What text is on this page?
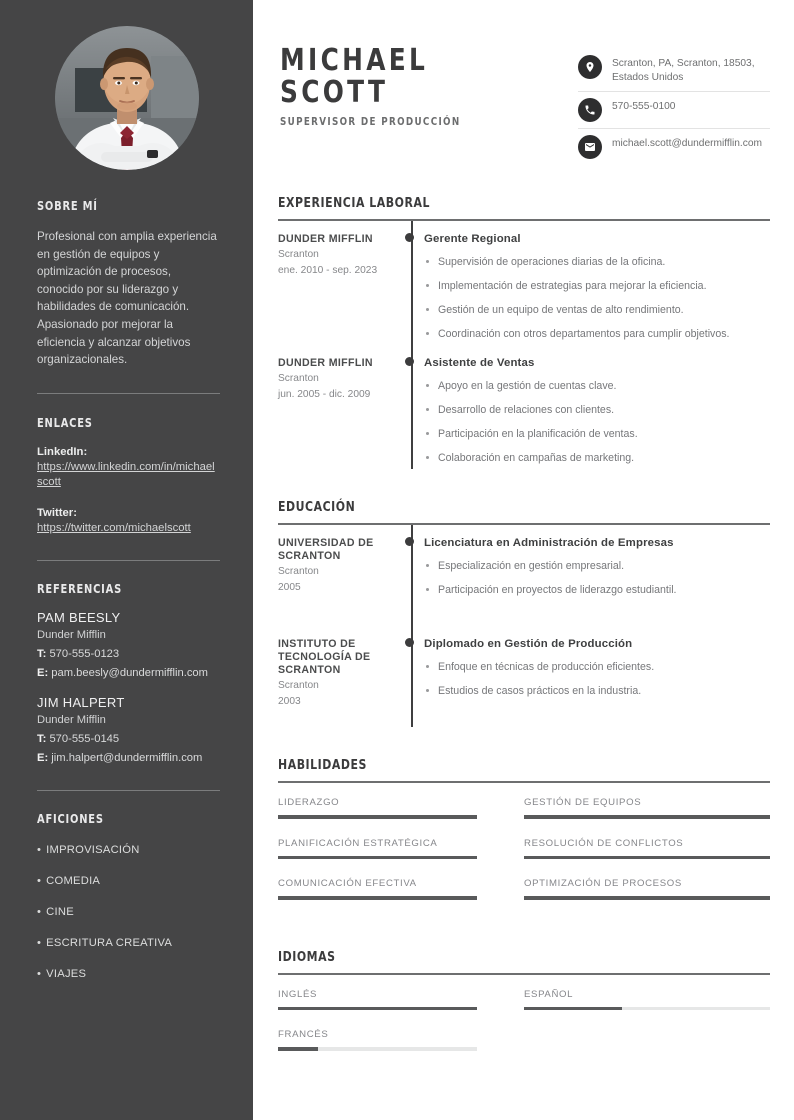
SOBRE MÍ
Profesional con amplia experiencia en gestión de equipos y optimización de procesos, conocido por su liderazgo y habilidades de comunicación. Apasionado por mejorar la eficiencia y alcanzar objetivos organizacionales.
ENLACES
LinkedIn:
https://www.linkedin.com/in/michaelscott
Twitter:
https://twitter.com/michaelscott
REFERENCIAS
PAM BEESLY
Dunder Mifflin
T: 570-555-0123
E: pam.beesly@dundermifflin.com
JIM HALPERT
Dunder Mifflin
T: 570-555-0145
E: jim.halpert@dundermifflin.com
AFICIONES
• IMPROVISACIÓN
• COMEDIA
• CINE
• ESCRITURA CREATIVA
• VIAJES
MICHAEL
SCOTT
SUPERVISOR DE PRODUCCIÓN
Scranton, PA, Scranton, 18503, Estados Unidos
570-555-0100
michael.scott@dundermifflin.com
EXPERIENCIA LABORAL
DUNDER MIFFLIN
Scranton
ene. 2010 - sep. 2023
Gerente Regional
Supervisión de operaciones diarias de la oficina.
Implementación de estrategias para mejorar la eficiencia.
Gestión de un equipo de ventas de alto rendimiento.
Coordinación con otros departamentos para cumplir objetivos.
DUNDER MIFFLIN
Scranton
jun. 2005 - dic. 2009
Asistente de Ventas
Apoyo en la gestión de cuentas clave.
Desarrollo de relaciones con clientes.
Participación en la planificación de ventas.
Colaboración en campañas de marketing.
EDUCACIÓN
UNIVERSIDAD DE SCRANTON
Scranton
2005
Licenciatura en Administración de Empresas
Especialización en gestión empresarial.
Participación en proyectos de liderazgo estudiantil.
INSTITUTO DE TECNOLOGÍA DE SCRANTON
Scranton
2003
Diplomado en Gestión de Producción
Enfoque en técnicas de producción eficientes.
Estudios de casos prácticos en la industria.
HABILIDADES
LIDERAZGO	GESTIÓN DE EQUIPOS
PLANIFICACIÓN ESTRATÉGICA	RESOLUCIÓN DE CONFLICTOS
COMUNICACIÓN EFECTIVA	OPTIMIZACIÓN DE PROCESOS
IDIOMAS
INGLÉS	ESPAÑOL
FRANCÉS
